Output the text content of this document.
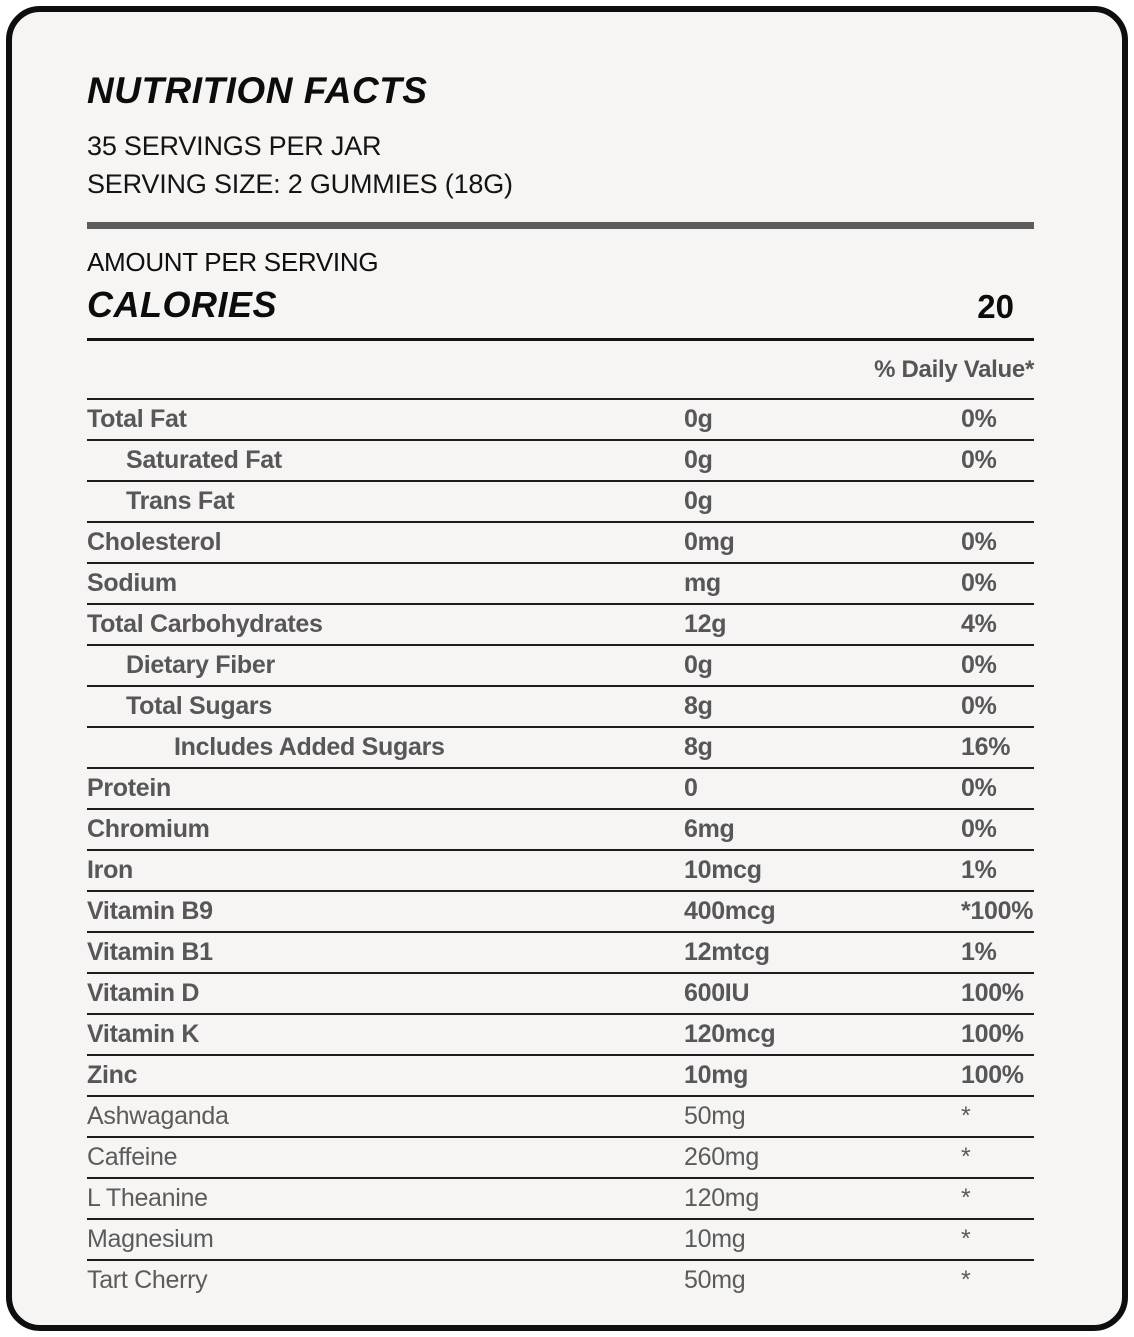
NUTRITION FACTS
35 SERVINGS PER JAR
SERVING SIZE: 2 GUMMIES (18G)
AMOUNT PER SERVING
CALORIES	20
% Daily Value*
Total Fat	0g	0%
Saturated Fat	0g	0%
Trans Fat	0g
Cholesterol	0mg	0%
Sodium	mg	0%
Total Carbohydrates	12g	4%
Dietary Fiber	0g	0%
Total Sugars	8g	0%
Includes Added Sugars	8g	16%
Protein	0	0%
Chromium	6mg	0%
Iron	10mcg	1%
Vitamin B9	400mcg	*100%
Vitamin B1	12mtcg	1%
Vitamin D	600IU	100%
Vitamin K	120mcg	100%
Zinc	10mg	100%
Ashwaganda	50mg	*
Caffeine	260mg	*
L Theanine	120mg	*
Magnesium	10mg	*
Tart Cherry	50mg	*
